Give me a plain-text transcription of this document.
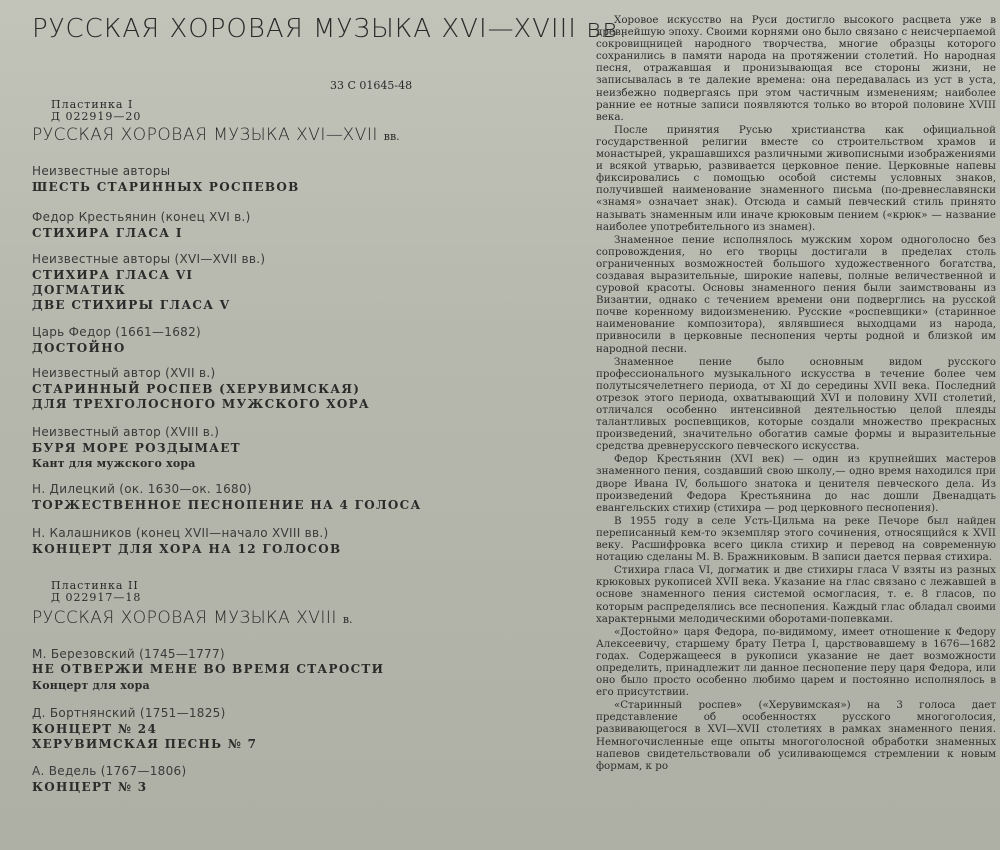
РУССКАЯ ХОРОВАЯ МУЗЫКА XVI—XVIII вв.
33 С 01645-48
Пластинка I
Д 022919—20
РУССКАЯ ХОРОВАЯ МУЗЫКА XVI—XVII вв.
Неизвестные авторы
ШЕСТЬ СТАРИННЫХ РОСПЕВОВ
Федор Крестьянин (конец XVI в.)
СТИХИРА ГЛАСА I
Неизвестные авторы (XVI—XVII вв.)
СТИХИРА ГЛАСА VI
ДОГМАТИК
ДВЕ СТИХИРЫ ГЛАСА V
Царь Федор (1661—1682)
ДОСТОЙНО
Неизвестный автор (XVII в.)
СТАРИННЫЙ РОСПЕВ (ХЕРУВИМСКАЯ)
ДЛЯ ТРЕХГОЛОСНОГО МУЖСКОГО ХОРА
Неизвестный автор (XVIII в.)
БУРЯ МОРЕ РОЗДЫМАЕТ
Кант для мужского хора
Н. Дилецкий (ок. 1630—ок. 1680)
ТОРЖЕСТВЕННОЕ ПЕСНОПЕНИЕ НА 4 ГОЛОСА
Н. Калашников (конец XVII—начало XVIII вв.)
КОНЦЕРТ ДЛЯ ХОРА НА 12 ГОЛОСОВ
Пластинка II
Д 022917—18
РУССКАЯ ХОРОВАЯ МУЗЫКА XVIII в.
М. Березовский (1745—1777)
НЕ ОТВЕРЖИ МЕНЕ ВО ВРЕМЯ СТАРОСТИ
Концерт для хора
Д. Бортнянский (1751—1825)
КОНЦЕРТ № 24
ХЕРУВИМСКАЯ ПЕСНЬ № 7
А. Ведель (1767—1806)
КОНЦЕРТ № 3

Хоровое искусство на Руси достигло высокого расцвета уже в древнейшую эпоху. Своими корнями оно было связано с неисчерпаемой сокровищницей народного творчества, многие образцы которого сохранились в памяти народа на протяжении столетий. Но народная песня, отражавшая и пронизывающая все стороны жизни, не записывалась в те далекие времена: она передавалась из уст в уста, неизбежно подвергаясь при этом частичным изменениям; наиболее ранние ее нотные записи появляются только во второй половине XVIII века.

После принятия Русью христианства как официальной государственной религии вместе со строительством храмов и монастырей, украшавшихся различными живописными изображениями и всякой утварью, развивается церковное пение. Церковные напевы фиксировались с помощью особой системы условных знаков, получившей наименование знаменного письма (по-древнеславянски «знамя» означает знак). Отсюда и самый певческий стиль принято называть знаменным или иначе крюковым пением («крюк» — название наиболее употребительного из знамен).

Знаменное пение исполнялось мужским хором одноголосно без сопровождения, но его творцы достигали в пределах столь ограниченных возможностей большого художественного богатства, создавая выразительные, широкие напевы, полные величественной и суровой красоты. Основы знаменного пения были заимствованы из Византии, однако с течением времени они подверглись на русской почве коренному видоизменению. Русские «роспевщики» (старинное наименование композитора), являвшиеся выходцами из народа, привносили в церковные песнопения черты родной и близкой им народной песни.

Знаменное пение было основным видом русского профессионального музыкального искусства в течение более чем полутысячелетнего периода, от XI до середины XVII века. Последний отрезок этого периода, охватывающий XVI и половину XVII столетий, отличался особенно интенсивной деятельностью целой плеяды талантливых роспевщиков, которые создали множество прекрасных произведений, значительно обогатив самые формы и выразительные средства древнерусского певческого искусства.

Федор Крестьянин (XVI век) — один из крупнейших мастеров знаменного пения, создавший свою школу,— одно время находился при дворе Ивана IV, большого знатока и ценителя певческого дела. Из произведений Федора Крестьянина до нас дошли Двенадцать евангельских стихир (стихира — род церковного песнопения).

В 1955 году в селе Усть-Цильма на реке Печоре был найден переписанный кем-то экземпляр этого сочинения, относящийся к XVII веку. Расшифровка всего цикла стихир и перевод на современную нотацию сделаны М. В. Бражниковым. В записи дается первая стихира.

Стихира гласа VI, догматик и две стихиры гласа V взяты из разных крюковых рукописей XVII века. Указание на глас связано с лежавшей в основе знаменного пения системой осмогласия, т. е. 8 гласов, по которым распределялись все песнопения. Каждый глас обладал своими характерными мелодическими оборотами-попевками.

«Достойно» царя Федора, по-видимому, имеет отношение к Федору Алексеевичу, старшему брату Петра I, царствовавшему в 1676—1682 годах. Содержащееся в рукописи указание не дает возможности определить, принадлежит ли данное песнопение перу царя Федора, или оно было просто особенно любимо царем и постоянно исполнялось в его присутствии.

«Старинный роспев» («Херувимская») на 3 голоса дает представление об особенностях русского многоголосия, развивающегося в XVI—XVII столетиях в рамках знаменного пения. Немногочисленные еще опыты многоголосной обработки знаменных напевов свидетельствовали об усиливающемся стремлении к новым формам, к ро
